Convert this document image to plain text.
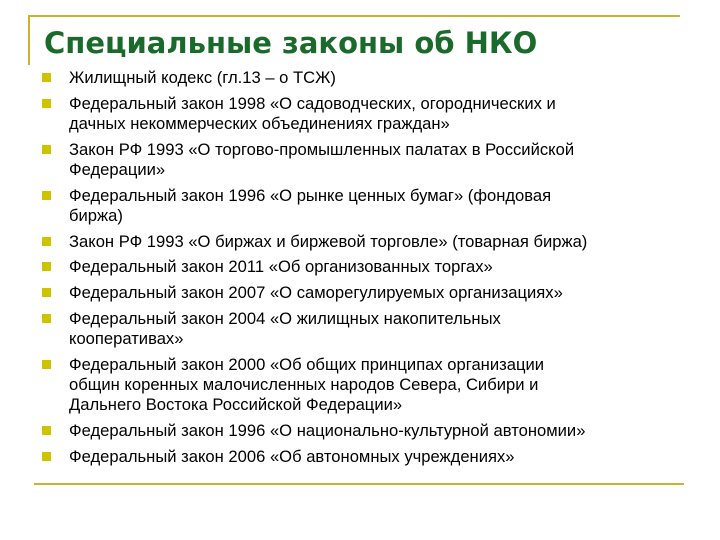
Специальные законы об НКО
Жилищный кодекс (гл.13 – о ТСЖ)
Федеральный закон 1998 «О садоводческих, огороднических и
дачных некоммерческих объединениях граждан»
Закон РФ 1993 «О торгово-промышленных палатах в Российской
Федерации»
Федеральный закон 1996 «О рынке ценных бумаг» (фондовая
биржа)
Закон РФ 1993 «О биржах и биржевой торговле» (товарная биржа)
Федеральный закон 2011 «Об организованных торгах»
Федеральный закон 2007 «О саморегулируемых организациях»
Федеральный закон 2004 «О жилищных накопительных
кооперативах»
Федеральный закон 2000 «Об общих принципах организации
общин коренных малочисленных народов Севера, Сибири и
Дальнего Востока Российской Федерации»
Федеральный закон 1996 «О национально-культурной автономии»
Федеральный закон 2006 «Об автономных учреждениях»
